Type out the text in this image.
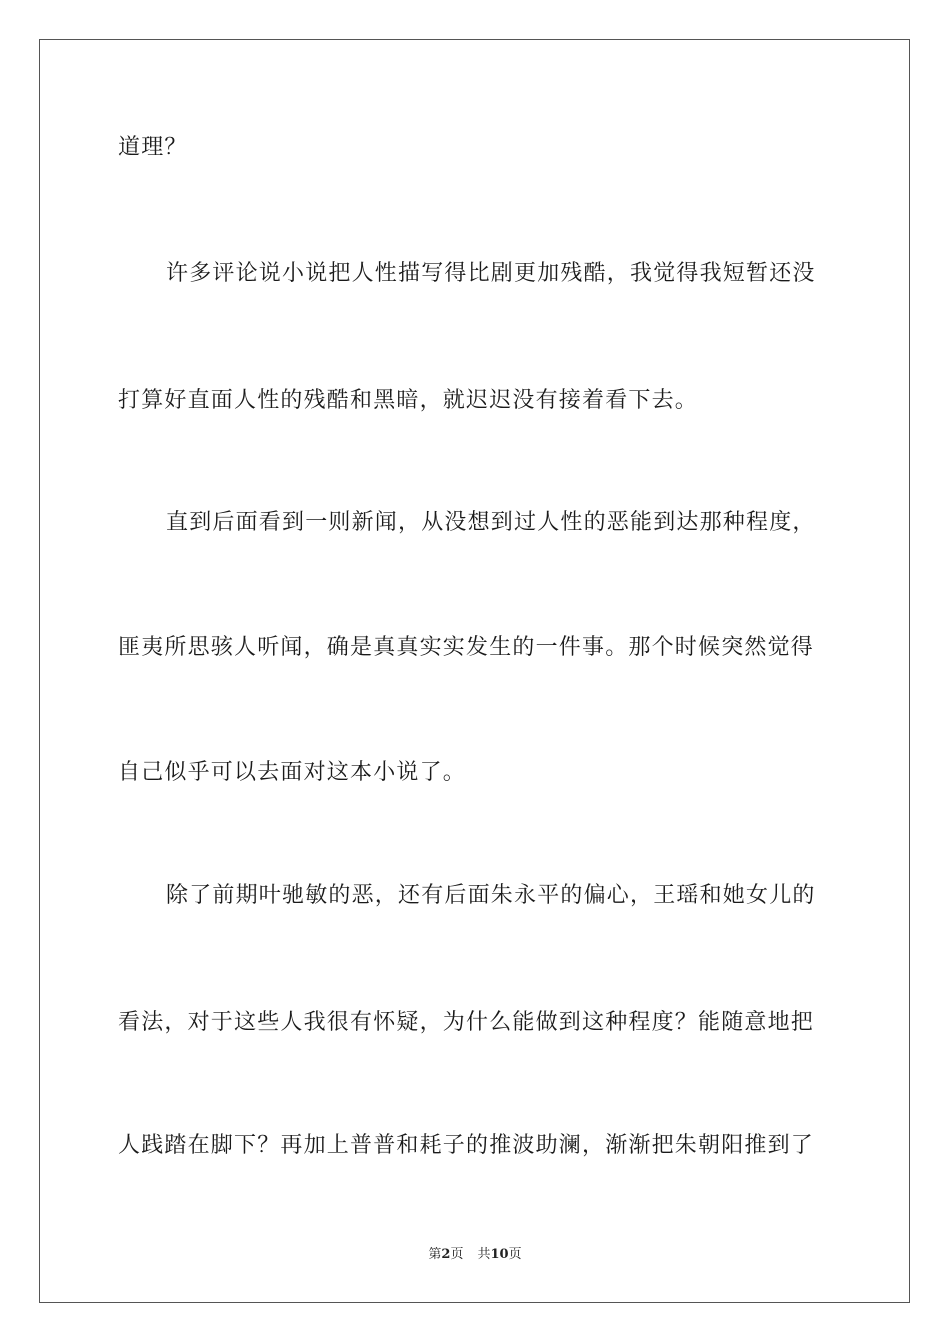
道理？
许多评论说小说把人性描写得比剧更加残酷，我觉得我短暂还没
打算好直面人性的残酷和黑暗，就迟迟没有接着看下去。
直到后面看到一则新闻，从没想到过人性的恶能到达那种程度，
匪夷所思骇人听闻，确是真真实实发生的一件事。那个时候突然觉得
自己似乎可以去面对这本小说了。
除了前期叶驰敏的恶，还有后面朱永平的偏心，王瑶和她女儿的
看法，对于这些人我很有怀疑，为什么能做到这种程度？能随意地把
人践踏在脚下？再加上普普和耗子的推波助澜，渐渐把朱朝阳推到了
第2页 共10页
